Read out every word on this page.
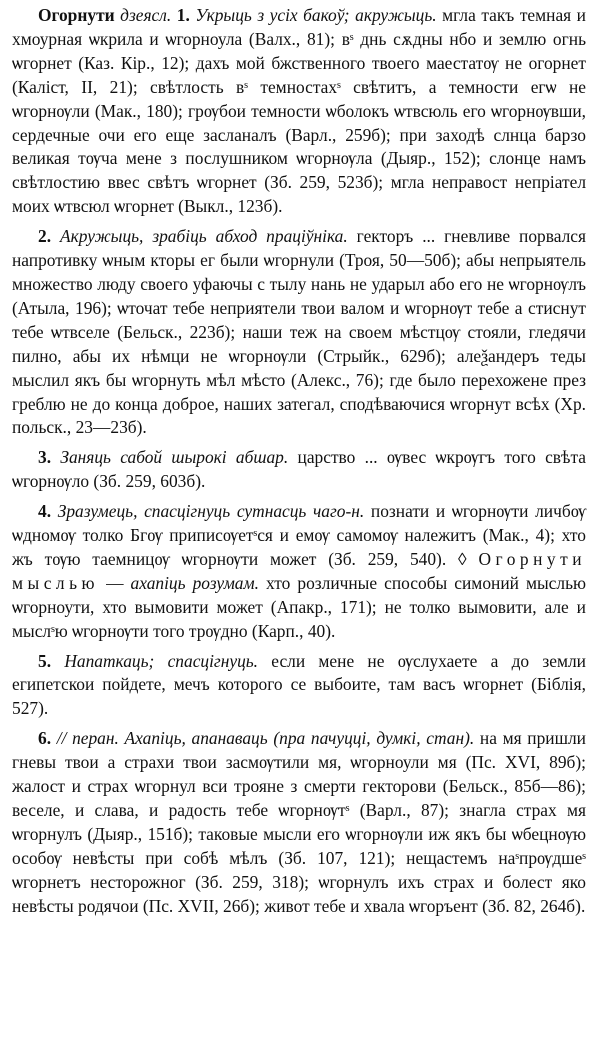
Огорнути дзеясл. 1. Укрыць з усіх бакоў; акружыць. мгла такъ темная и хмоурная ѡкрила и ѡгорноула (Валх., 81); вˢ днь сѫдны нбо и землю огнь ѡгорнет (Каз. Кір., 12); дахъ мой бжственного твоего маестатѹ не огорнет (Каліст, II, 21); свѣтлость вˢ темностахˢ свѣтитъ, а темности егѡ не ѡгорнѹли (Мак., 180); грѹбои темности ѡболокъ ѡтвсюль его ѡгорнѹвши, сердечные очи его еще засланалъ (Варл., 259б); при заходѣ слнца барзо великая тѹча мене з послушником ѡгорнѹла (Дыяр., 152); слонце намъ свѣтлостию ввес свѣтъ ѡгорнет (Зб. 259, 523б); мгла неправост непріател моих ѡтвсюл ѡгорнет (Выкл., 123б).

2. Акружыць, зрабіць абход праціўніка. гекторъ ... гневливе порвался напротивку ѡным кторы ег были ѡгорнули (Троя, 50—50б); абы непрыятель множество люду своего уфаючы с тылу нань не ударыл або его не ѡгорнѹлъ (Атыла, 196); ѡточат тебе неприятели твои валом и ѡгорнѹт тебе а стиснут тебе ѡтвселе (Бельск., 223б); наши теж на своем мѣстцѹ стояли, гледячи пилно, абы их нѣмци не ѡгорнѹли (Стрыйк., 629б); алеѯандеръ теды мыслил якъ бы ѡгорнуть мѣл мѣсто (Алекс., 76); где было перехожене през греблю не до конца доброе, наших затегал, сподѣваючися ѡгорнут всѣх (Хр. польск., 23—23б).

3. Заняць сабой шырокі абшар. царство ... ѹвес ѡкрѹгъ того свѣта ѡгорнѹло (Зб. 259, 603б).

4. Зразумець, спасцігнуць сутнасць чаго-н. познати и ѡгорнѹти личбѹ ѡдномѹ толко Бгѹ приписѹетˢся и емѹ самомѹ належитъ (Мак., 4); хто жъ тѹю таемницѹ ѡгорнѹти может (Зб. 259, 540). ◊ Огорнути мыслью — ахапіць розумам. хто розличные способы симоний мыслью ѡгорноути, хто вымовити может (Апакр., 171); не толко вымовити, але и мыслˢю ѡгорнѹти того трѹдно (Карп., 40).

5. Напаткаць; спасцігнуць. если мене не ѹслухаете а до земли египетскои пойдете, мечъ которого се выбоите, там васъ ѡгорнет (Біблія, 527).

6. // перан. Ахапіць, апанаваць (пра пачуцці, думкі, стан). на мя пришли гневы твои а страхи твои засмѹтили мя, ѡгорноули мя (Пс. XVI, 89б); жалост и страх ѡгорнул вси трояне з смерти гекторови (Бельск., 85б—86); веселе, и слава, и радость тебе ѡгорнѹтˢ (Варл., 87); знагла страх мя ѡгорнулъ (Дыяр., 151б); таковые мысли его ѡгорнѹли иж якъ бы ѡбецнѹю особѹ невѣсты при собѣ мѣлъ (Зб. 107, 121); нещастемъ наˢпрѹдшеˢ ѡгорнетъ несторожног (Зб. 259, 318); ѡгорнулъ ихъ страх и болест яко невѣсты родячои (Пс. XVII, 26б); живот тебе и хвала ѡгоръент (Зб. 82, 264б).
